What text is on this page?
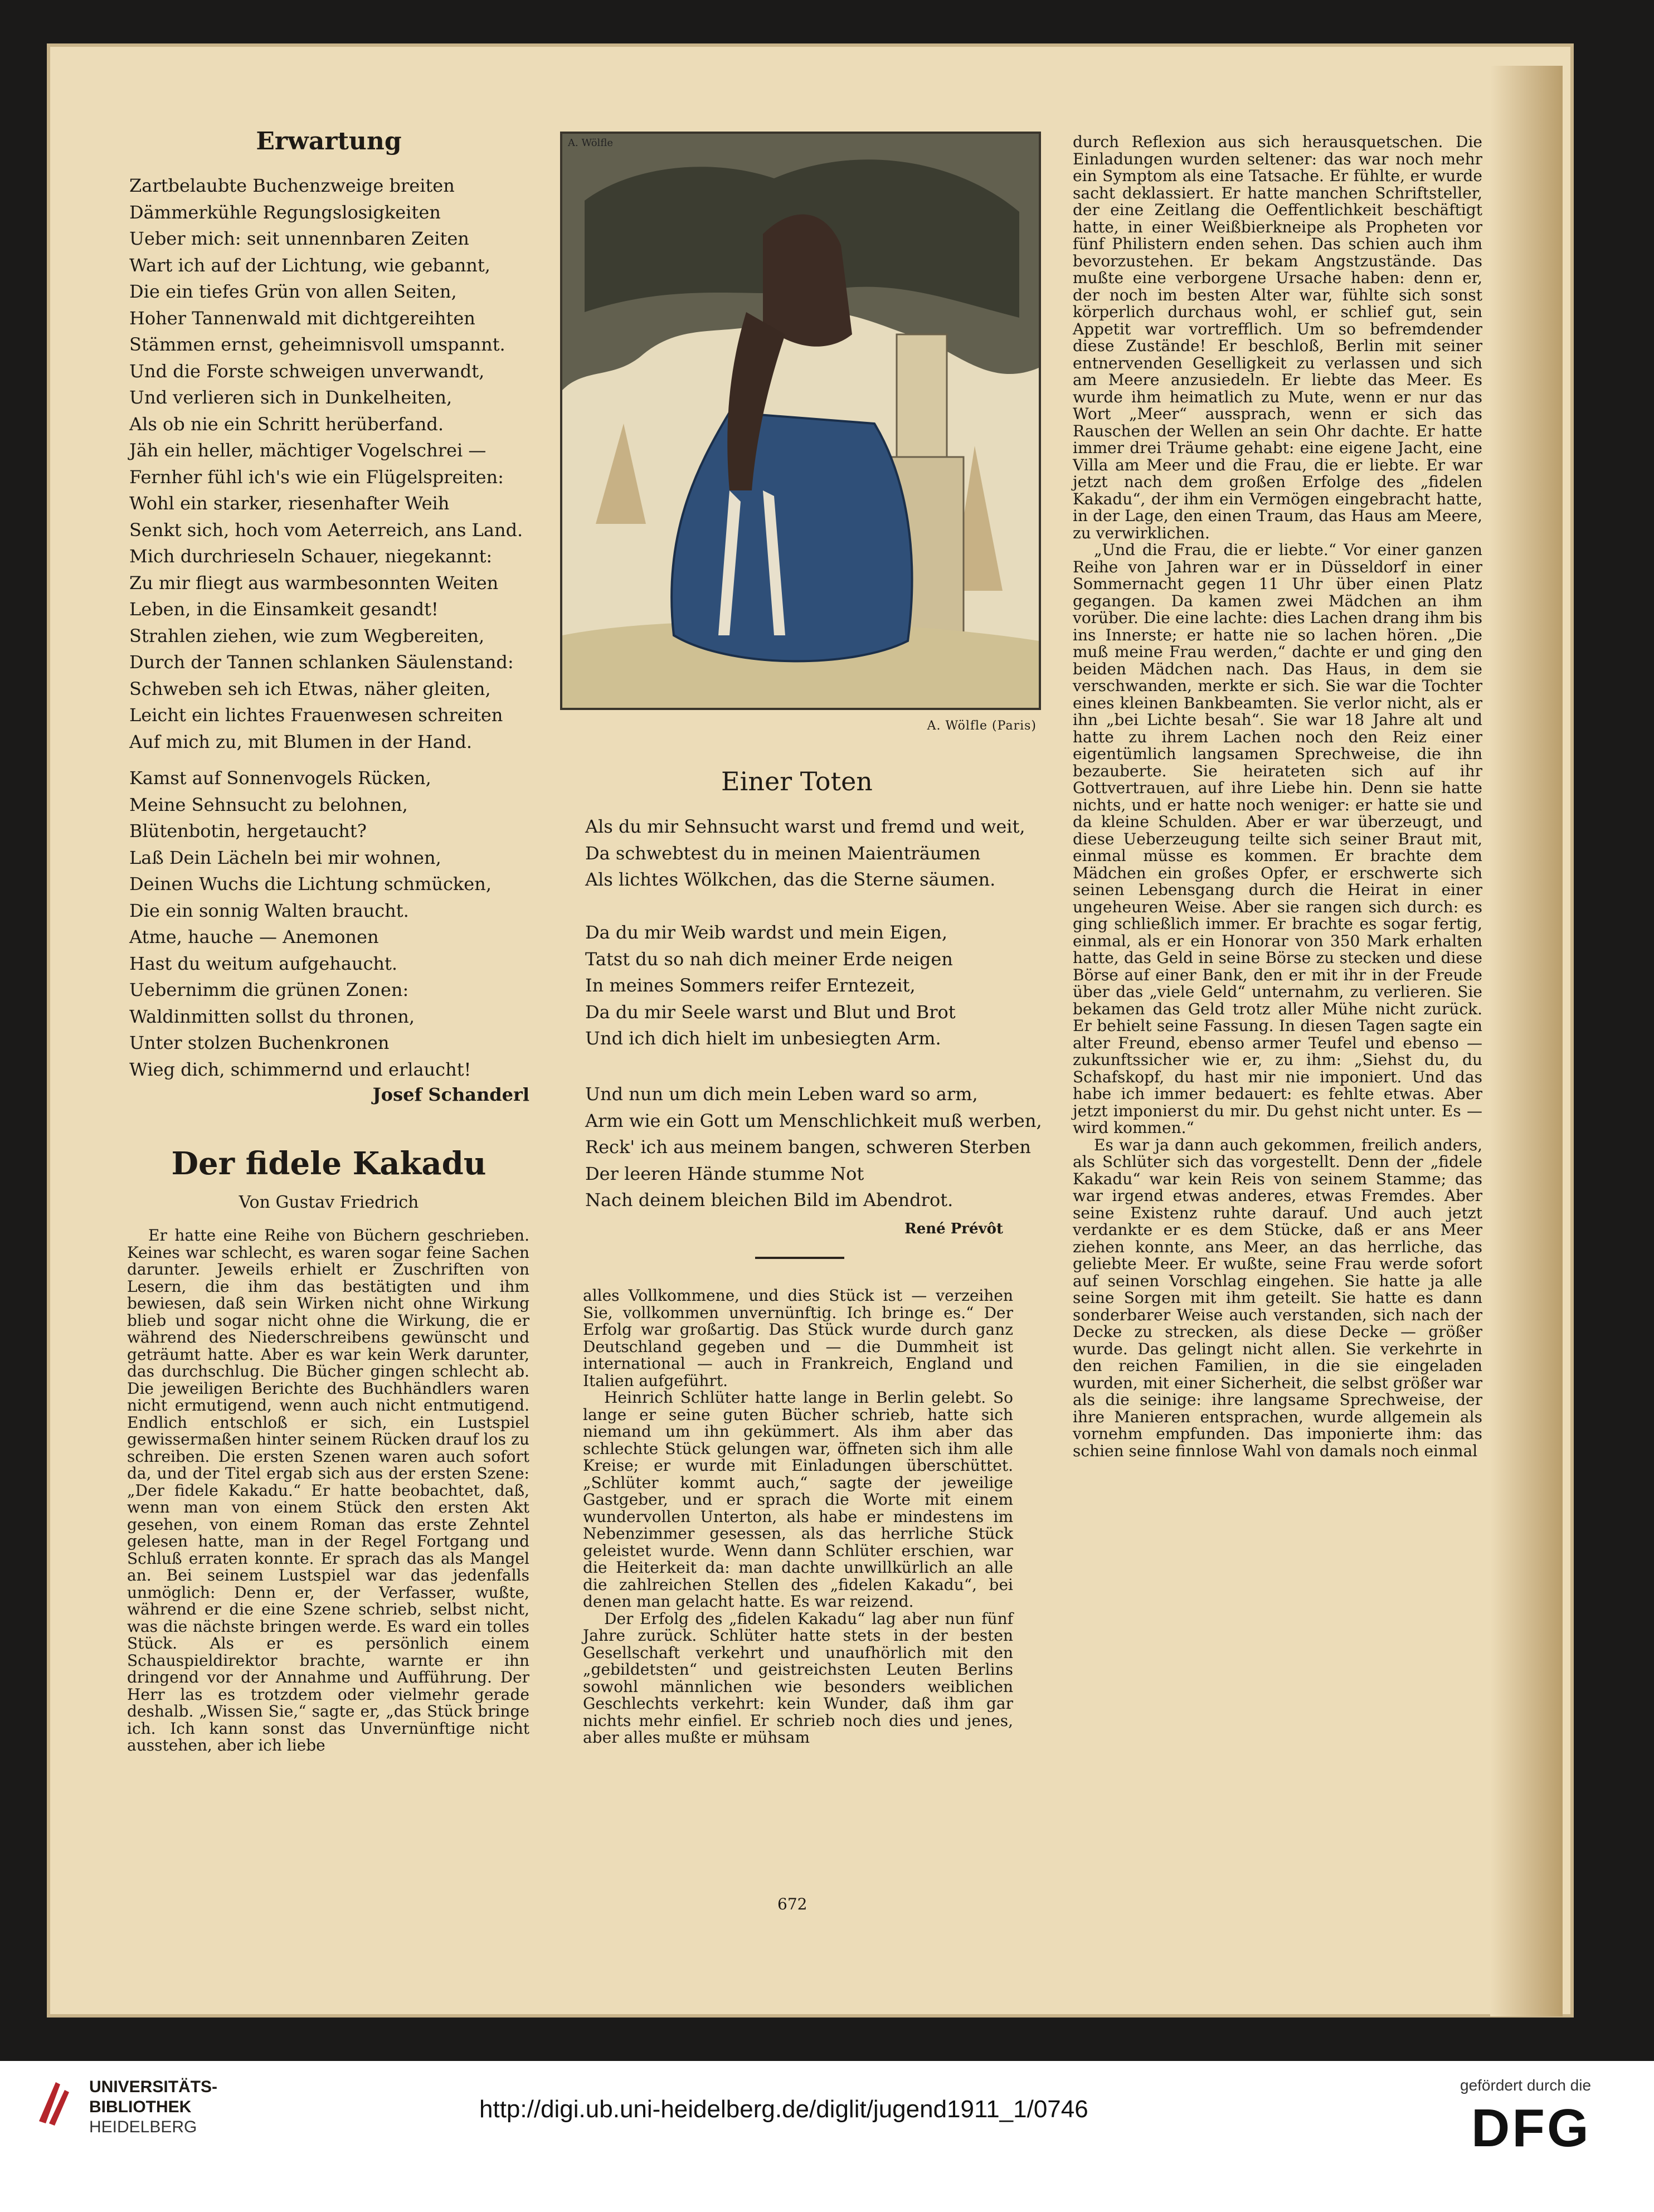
Erwartung
Zartbelaubte Buchenzweige breiten
Dämmerkühle Regungslosigkeiten
Ueber mich: seit unnennbaren Zeiten
Wart ich auf der Lichtung, wie gebannt,
Die ein tiefes Grün von allen Seiten,
Hoher Tannenwald mit dichtgereihten
Stämmen ernst, geheimnisvoll umspannt.
Und die Forste schweigen unverwandt,
Und verlieren sich in Dunkelheiten,
Als ob nie ein Schritt herüberfand.
Jäh ein heller, mächtiger Vogelschrei —
Fernher fühl ich's wie ein Flügelspreiten:
Wohl ein starker, riesenhafter Weih
Senkt sich, hoch vom Aeterreich, ans Land.
Mich durchrieseln Schauer, niegekannt:
Zu mir fliegt aus warmbesonnten Weiten
Leben, in die Einsamkeit gesandt!
Strahlen ziehen, wie zum Wegbereiten,
Durch der Tannen schlanken Säulenstand:
Schweben seh ich Etwas, näher gleiten,
Leicht ein lichtes Frauenwesen schreiten
Auf mich zu, mit Blumen in der Hand.
Kamst auf Sonnenvogels Rücken,
Meine Sehnsucht zu belohnen,
Blütenbotin, hergetaucht?
Laß Dein Lächeln bei mir wohnen,
Deinen Wuchs die Lichtung schmücken,
Die ein sonnig Walten braucht.
Atme, hauche — Anemonen
Hast du weitum aufgehaucht.
Uebernimm die grünen Zonen:
Waldinmitten sollst du thronen,
Unter stolzen Buchenkronen
Wieg dich, schimmernd und erlaucht!
Josef Schanderl
Der fidele Kakadu
Von Gustav Friedrich

Er hatte eine Reihe von Büchern geschrieben. Keines war schlecht, es waren sogar feine Sachen darunter. Jeweils erhielt er Zuschriften von Lesern, die ihm das bestätigten und ihm bewiesen, daß sein Wirken nicht ohne Wirkung blieb und sogar nicht ohne die Wirkung, die er während des Niederschreibens gewünscht und geträumt hatte. Aber es war kein Werk darunter, das durchschlug. Die Bücher gingen schlecht ab. Die jeweiligen Berichte des Buchhändlers waren nicht ermutigend, wenn auch nicht entmutigend. Endlich entschloß er sich, ein Lustspiel gewissermaßen hinter seinem Rücken drauf los zu schreiben. Die ersten Szenen waren auch sofort da, und der Titel ergab sich aus der ersten Szene: „Der fidele Kakadu.“ Er hatte beobachtet, daß, wenn man von einem Stück den ersten Akt gesehen, von einem Roman das erste Zehntel gelesen hatte, man in der Regel Fortgang und Schluß erraten konnte. Er sprach das als Mangel an. Bei seinem Lustspiel war das jedenfalls unmöglich: Denn er, der Verfasser, wußte, während er die eine Szene schrieb, selbst nicht, was die nächste bringen werde. Es ward ein tolles Stück. Als er es persönlich einem Schauspieldirektor brachte, warnte er ihn dringend vor der Annahme und Aufführung. Der Herr las es trotzdem oder vielmehr gerade deshalb. „Wissen Sie,“ sagte er, „das Stück bringe ich. Ich kann sonst das Unvernünftige nicht ausstehen, aber ich liebe

A. Wölfle
A. Wölfle (Paris)
Einer Toten
Als du mir Sehnsucht warst und fremd und weit,
Da schwebtest du in meinen Maienträumen
Als lichtes Wölkchen, das die Sterne säumen.
Da du mir Weib wardst und mein Eigen,
Tatst du so nah dich meiner Erde neigen
In meines Sommers reifer Erntezeit,
Da du mir Seele warst und Blut und Brot
Und ich dich hielt im unbesiegten Arm.
Und nun um dich mein Leben ward so arm,
Arm wie ein Gott um Menschlichkeit muß werben,
Reck' ich aus meinem bangen, schweren Sterben
Der leeren Hände stumme Not
Nach deinem bleichen Bild im Abendrot.
René Prévôt

alles Vollkommene, und dies Stück ist — verzeihen Sie, vollkommen unvernünftig. Ich bringe es.“ Der Erfolg war großartig. Das Stück wurde durch ganz Deutschland gegeben und — die Dummheit ist international — auch in Frankreich, England und Italien aufgeführt.

Heinrich Schlüter hatte lange in Berlin gelebt. So lange er seine guten Bücher schrieb, hatte sich niemand um ihn gekümmert. Als ihm aber das schlechte Stück gelungen war, öffneten sich ihm alle Kreise; er wurde mit Einladungen überschüttet. „Schlüter kommt auch,“ sagte der jeweilige Gastgeber, und er sprach die Worte mit einem wundervollen Unterton, als habe er mindestens im Nebenzimmer gesessen, als das herrliche Stück geleistet wurde. Wenn dann Schlüter erschien, war die Heiterkeit da: man dachte unwillkürlich an alle die zahlreichen Stellen des „fidelen Kakadu“, bei denen man gelacht hatte. Es war reizend.

Der Erfolg des „fidelen Kakadu“ lag aber nun fünf Jahre zurück. Schlüter hatte stets in der besten Gesellschaft verkehrt und unaufhörlich mit den „gebildetsten“ und geistreichsten Leuten Berlins sowohl männlichen wie besonders weiblichen Geschlechts verkehrt: kein Wunder, daß ihm gar nichts mehr einfiel. Er schrieb noch dies und jenes, aber alles mußte er mühsam

durch Reflexion aus sich herausquetschen. Die Einladungen wurden seltener: das war noch mehr ein Symptom als eine Tatsache. Er fühlte, er wurde sacht deklassiert. Er hatte manchen Schriftsteller, der eine Zeitlang die Oeffentlichkeit beschäftigt hatte, in einer Weißbierkneipe als Propheten vor fünf Philistern enden sehen. Das schien auch ihm bevorzustehen. Er bekam Angstzustände. Das mußte eine verborgene Ursache haben: denn er, der noch im besten Alter war, fühlte sich sonst körperlich durchaus wohl, er schlief gut, sein Appetit war vortrefflich. Um so befremdender diese Zustände! Er beschloß, Berlin mit seiner entnervenden Geselligkeit zu verlassen und sich am Meere anzusiedeln. Er liebte das Meer. Es wurde ihm heimatlich zu Mute, wenn er nur das Wort „Meer“ aussprach, wenn er sich das Rauschen der Wellen an sein Ohr dachte. Er hatte immer drei Träume gehabt: eine eigene Jacht, eine Villa am Meer und die Frau, die er liebte. Er war jetzt nach dem großen Erfolge des „fidelen Kakadu“, der ihm ein Vermögen eingebracht hatte, in der Lage, den einen Traum, das Haus am Meere, zu verwirklichen.

„Und die Frau, die er liebte.“ Vor einer ganzen Reihe von Jahren war er in Düsseldorf in einer Sommernacht gegen 11 Uhr über einen Platz gegangen. Da kamen zwei Mädchen an ihm vorüber. Die eine lachte: dies Lachen drang ihm bis ins Innerste; er hatte nie so lachen hören. „Die muß meine Frau werden,“ dachte er und ging den beiden Mädchen nach. Das Haus, in dem sie verschwanden, merkte er sich. Sie war die Tochter eines kleinen Bankbeamten. Sie verlor nicht, als er ihn „bei Lichte besah“. Sie war 18 Jahre alt und hatte zu ihrem Lachen noch den Reiz einer eigentümlich langsamen Sprechweise, die ihn bezauberte. Sie heirateten sich auf ihr Gottvertrauen, auf ihre Liebe hin. Denn sie hatte nichts, und er hatte noch weniger: er hatte sie und da kleine Schulden. Aber er war überzeugt, und diese Ueberzeugung teilte sich seiner Braut mit, einmal müsse es kommen. Er brachte dem Mädchen ein großes Opfer, er erschwerte sich seinen Lebensgang durch die Heirat in einer ungeheuren Weise. Aber sie rangen sich durch: es ging schließlich immer. Er brachte es sogar fertig, einmal, als er ein Honorar von 350 Mark erhalten hatte, das Geld in seine Börse zu stecken und diese Börse auf einer Bank, den er mit ihr in der Freude über das „viele Geld“ unternahm, zu verlieren. Sie bekamen das Geld trotz aller Mühe nicht zurück. Er behielt seine Fassung. In diesen Tagen sagte ein alter Freund, ebenso armer Teufel und ebenso — zukunftssicher wie er, zu ihm: „Siehst du, du Schafskopf, du hast mir nie imponiert. Und das habe ich immer bedauert: es fehlte etwas. Aber jetzt imponierst du mir. Du gehst nicht unter. Es — wird kommen.“

Es war ja dann auch gekommen, freilich anders, als Schlüter sich das vorgestellt. Denn der „fidele Kakadu“ war kein Reis von seinem Stamme; das war irgend etwas anderes, etwas Fremdes. Aber seine Existenz ruhte darauf. Und auch jetzt verdankte er es dem Stücke, daß er ans Meer ziehen konnte, ans Meer, an das herrliche, das geliebte Meer. Er wußte, seine Frau werde sofort auf seinen Vorschlag eingehen. Sie hatte ja alle seine Sorgen mit ihm geteilt. Sie hatte es dann sonderbarer Weise auch verstanden, sich nach der Decke zu strecken, als diese Decke — größer wurde. Das gelingt nicht allen. Sie verkehrte in den reichen Familien, in die sie eingeladen wurden, mit einer Sicherheit, die selbst größer war als die seinige: ihre langsame Sprechweise, der ihre Manieren entsprachen, wurde allgemein als vornehm empfunden. Das imponierte ihm: das schien seine finnlose Wahl von damals noch einmal

672
UNIVERSITÄTS-
BIBLIOTHEK
HEIDELBERG
http://digi.ub.uni-heidelberg.de/diglit/jugend1911_1/0746
gefördert durch die
DFG
